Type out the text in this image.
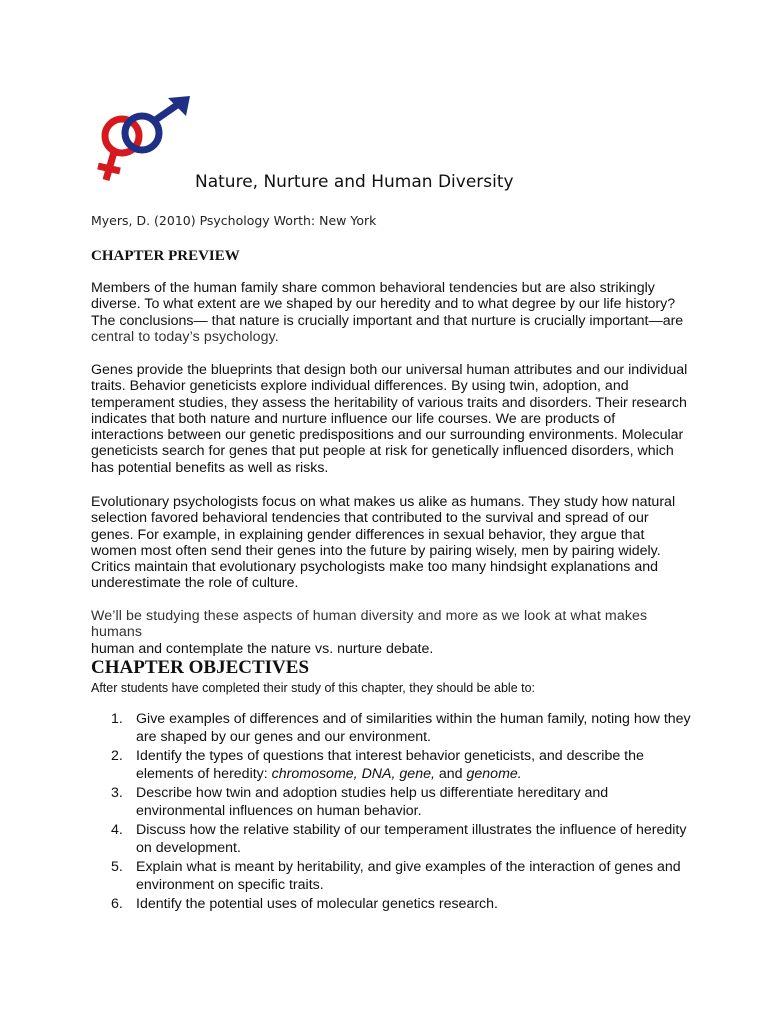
Nature, Nurture and Human Diversity
Myers, D. (2010) Psychology Worth: New York
CHAPTER PREVIEW

Members of the human family share common behavioral tendencies but are also strikingly diverse. To what extent are we shaped by our heredity and to what degree by our life history? The conclusions— that nature is crucially important and that nurture is crucially important—are
central to today’s psychology.

Genes provide the blueprints that design both our universal human attributes and our individual traits. Behavior geneticists explore individual differences. By using twin, adoption, and temperament studies, they assess the heritability of various traits and disorders. Their research indicates that both nature and nurture influence our life courses. We are products of interactions between our genetic predispositions and our surrounding environments. Molecular geneticists search for genes that put people at risk for genetically influenced disorders, which has potential benefits as well as risks.

Evolutionary psychologists focus on what makes us alike as humans. They study how natural selection favored behavioral tendencies that contributed to the survival and spread of our genes. For example, in explaining gender differences in sexual behavior, they argue that women most often send their genes into the future by pairing wisely, men by pairing widely. Critics maintain that evolutionary psychologists make too many hindsight explanations and underestimate the role of culture.

We’ll be studying these aspects of human diversity and more as we look at what makes humans
human and contemplate the nature vs. nurture debate.

CHAPTER OBJECTIVES
After students have completed their study of this chapter, they should be able to:
1. Give examples of differences and of similarities within the human family, noting how they are shaped by our genes and our environment.
2. Identify the types of questions that interest behavior geneticists, and describe the elements of heredity: chromosome, DNA, gene, and genome.
3. Describe how twin and adoption studies help us differentiate hereditary and environmental influences on human behavior.
4. Discuss how the relative stability of our temperament illustrates the influence of heredity on development.
5. Explain what is meant by heritability, and give examples of the interaction of genes and environment on specific traits.
6. Identify the potential uses of molecular genetics research.
